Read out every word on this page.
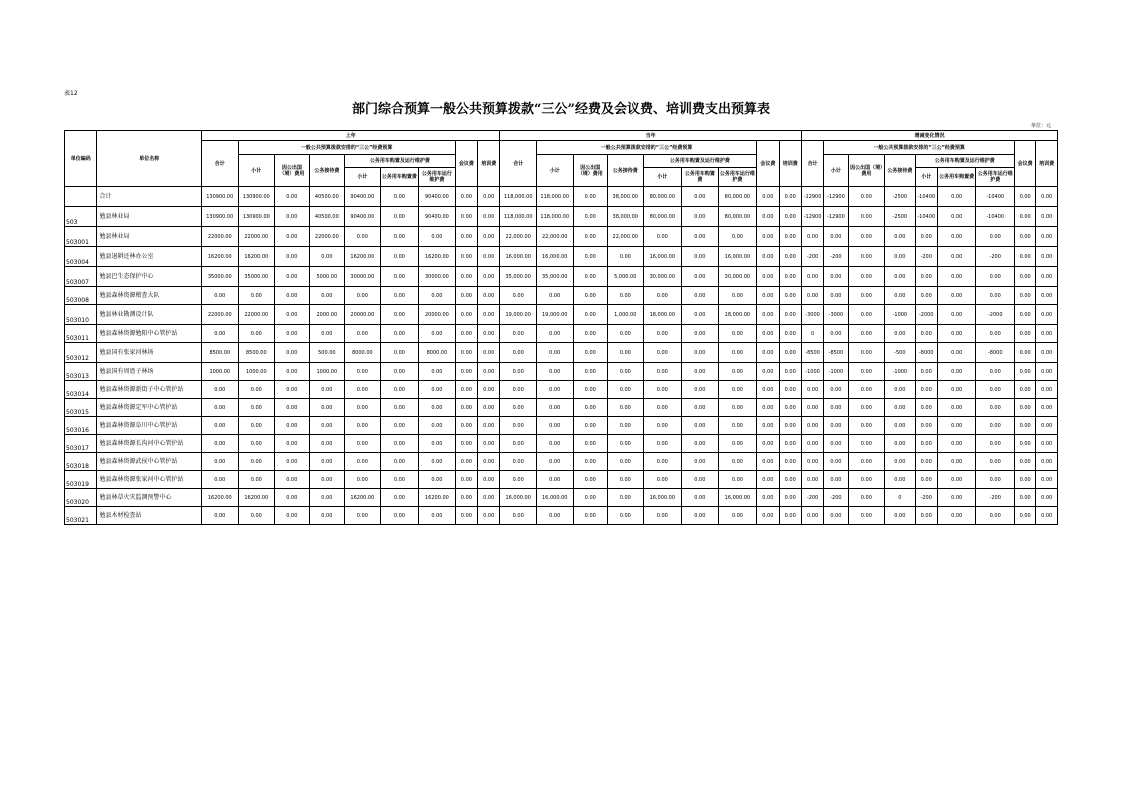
表12
部门综合预算一般公共预算拨款“三公”经费及会议费、培训费支出预算表
单位：元
单位编码	单位名称	上年									当年									增减变化情况								
		合计	一般公共预算拨款安排的“三公”经费预算						会议费	培训费	合计	一般公共预算拨款安排的“三公”经费预算						会议费	培训费	合计	一般公共预算拨款安排的“三公”经费预算						会议费	培训费
			小计	因公出国（境）费用	公务接待费	公务用车购置及运行维护费						小计	因公出国（境）费用	公务接待费	公务用车购置及运行维护费						小计	因公出国（境）费用	公务接待费	公务用车购置及运行维护费				
						小计	公务用车购置费	公务用车运行维护费							小计	公务用车购置费	公务用车运行维护费							小计	公务用车购置费	公务用车运行维护费		
	合计	130900.00	130900.00	0.00	40500.00	90400.00	0.00	90400.00	0.00	0.00	118,000.00	118,000.00	0.00	38,000.00	80,000.00	0.00	80,000.00	0.00	0.00	-12900	-12900	0.00	-2500	-10400	0.00	-10400	0.00	0.00
503	勉县林业局	130900.00	130900.00	0.00	40500.00	90400.00	0.00	90400.00	0.00	0.00	118,000.00	118,000.00	0.00	38,000.00	80,000.00	0.00	80,000.00	0.00	0.00	-12900	-12900	0.00	-2500	-10400	0.00	-10400	0.00	0.00
503001	勉县林业局	22000.00	22000.00	0.00	22000.00	0.00	0.00	0.00	0.00	0.00	22,000.00	22,000.00	0.00	22,000.00	0.00	0.00	0.00	0.00	0.00	0.00	0.00	0.00	0.00	0.00	0.00	0.00	0.00	0.00
503004	勉县退耕还林办公室	16200.00	16200.00	0.00	0.00	16200.00	0.00	16200.00	0.00	0.00	16,000.00	16,000.00	0.00	0.00	16,000.00	0.00	16,000.00	0.00	0.00	-200	-200	0.00	0.00	-200	0.00	-200	0.00	0.00
503007	勉县巴生态保护中心	35000.00	35000.00	0.00	5000.00	30000.00	0.00	30000.00	0.00	0.00	35,000.00	35,000.00	0.00	5,000.00	30,000.00	0.00	30,000.00	0.00	0.00	0.00	0.00	0.00	0.00	0.00	0.00	0.00	0.00	0.00
503008	勉县森林资源稽查大队	0.00	0.00	0.00	0.00	0.00	0.00	0.00	0.00	0.00	0.00	0.00	0.00	0.00	0.00	0.00	0.00	0.00	0.00	0.00	0.00	0.00	0.00	0.00	0.00	0.00	0.00	0.00
503010	勉县林业勘测设计队	22000.00	22000.00	0.00	2000.00	20000.00	0.00	20000.00	0.00	0.00	19,000.00	19,000.00	0.00	1,000.00	18,000.00	0.00	18,000.00	0.00	0.00	-3000	-3000	0.00	-1000	-2000	0.00	-2000	0.00	0.00
503011	勉县森林资源勉阳中心管护站	0.00	0.00	0.00	0.00	0.00	0.00	0.00	0.00	0.00	0.00	0.00	0.00	0.00	0.00	0.00	0.00	0.00	0.00	0	0.00	0.00	0.00	0.00	0.00	0.00	0.00	0.00
503012	勉县国有张家河林场	8500.00	8500.00	0.00	500.00	8000.00	0.00	8000.00	0.00	0.00	0.00	0.00	0.00	0.00	0.00	0.00	0.00	0.00	0.00	-8500	-8500	0.00	-500	-8000	0.00	-8000	0.00	0.00
503013	勉县国有周厝子林场	1000.00	1000.00	0.00	1000.00	0.00	0.00	0.00	0.00	0.00	0.00	0.00	0.00	0.00	0.00	0.00	0.00	0.00	0.00	-1000	-1000	0.00	-1000	0.00	0.00	0.00	0.00	0.00
503014	勉县森林资源新街子中心管护站	0.00	0.00	0.00	0.00	0.00	0.00	0.00	0.00	0.00	0.00	0.00	0.00	0.00	0.00	0.00	0.00	0.00	0.00	0.00	0.00	0.00	0.00	0.00	0.00	0.00	0.00	0.00
503015	勉县森林资源定军中心管护站	0.00	0.00	0.00	0.00	0.00	0.00	0.00	0.00	0.00	0.00	0.00	0.00	0.00	0.00	0.00	0.00	0.00	0.00	0.00	0.00	0.00	0.00	0.00	0.00	0.00	0.00	0.00
503016	勉县森林资源阜川中心管护站	0.00	0.00	0.00	0.00	0.00	0.00	0.00	0.00	0.00	0.00	0.00	0.00	0.00	0.00	0.00	0.00	0.00	0.00	0.00	0.00	0.00	0.00	0.00	0.00	0.00	0.00	0.00
503017	勉县森林资源长沟河中心管护站	0.00	0.00	0.00	0.00	0.00	0.00	0.00	0.00	0.00	0.00	0.00	0.00	0.00	0.00	0.00	0.00	0.00	0.00	0.00	0.00	0.00	0.00	0.00	0.00	0.00	0.00	0.00
503018	勉县森林资源武侯中心管护站	0.00	0.00	0.00	0.00	0.00	0.00	0.00	0.00	0.00	0.00	0.00	0.00	0.00	0.00	0.00	0.00	0.00	0.00	0.00	0.00	0.00	0.00	0.00	0.00	0.00	0.00	0.00
503019	勉县森林资源张家河中心管护站	0.00	0.00	0.00	0.00	0.00	0.00	0.00	0.00	0.00	0.00	0.00	0.00	0.00	0.00	0.00	0.00	0.00	0.00	0.00	0.00	0.00	0.00	0.00	0.00	0.00	0.00	0.00
503020	勉县林草火灾监测预警中心	16200.00	16200.00	0.00	0.00	16200.00	0.00	16200.00	0.00	0.00	16,000.00	16,000.00	0.00	0.00	16,000.00	0.00	16,000.00	0.00	0.00	-200	-200	0.00	0	-200	0.00	-200	0.00	0.00
503021	勉县木材检查站	0.00	0.00	0.00	0.00	0.00	0.00	0.00	0.00	0.00	0.00	0.00	0.00	0.00	0.00	0.00	0.00	0.00	0.00	0.00	0.00	0.00	0.00	0.00	0.00	0.00	0.00	0.00
